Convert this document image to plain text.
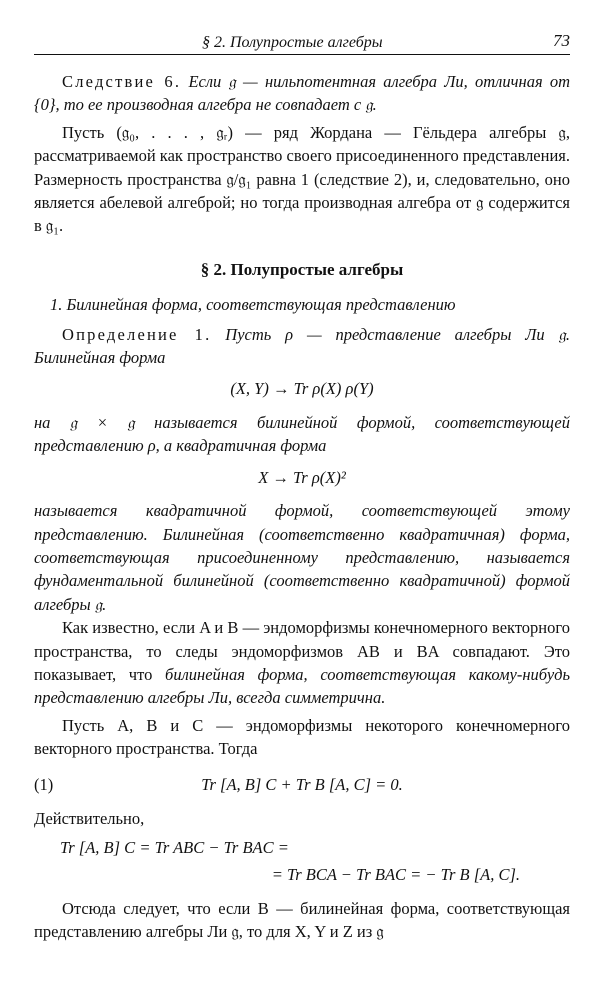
§ 2. Полупростые алгебры	73

Следствие 6. Если 𝔤 — нильпотентная алгебра Ли, отличная от {0}, то ее производная алгебра не совпадает с 𝔤.

Пусть (𝔤₀, . . . , 𝔤ᵣ) — ряд Жордана — Гёльдера алгебры 𝔤, рассматриваемой как пространство своего присоединенного представления. Размерность пространства 𝔤/𝔤₁ равна 1 (следствие 2), и, следовательно, оно является абелевой алгеброй; но тогда производная алгебра от 𝔤 содержится в 𝔤₁.

§ 2. Полупростые алгебры
1. Билинейная форма, соответствующая представлению

Определение 1. Пусть ρ — представление алгебры Ли 𝔤. Билинейная форма

(X, Y) → Tr ρ(X) ρ(Y)

на 𝔤 × 𝔤 называется билинейной формой, соответствующей представлению ρ, а квадратичная форма

X → Tr ρ(X)²

называется квадратичной формой, соответствующей этому представлению. Билинейная (соответственно квадратичная) форма, соответствующая присоединенному представлению, называется фундаментальной билинейной (соответственно квадратичной) формой алгебры 𝔤.

Как известно, если A и B — эндоморфизмы конечномерного векторного пространства, то следы эндоморфизмов AB и BA совпадают. Это показывает, что билинейная форма, соответствующая какому-нибудь представлению алгебры Ли, всегда симметрична.

Пусть A, B и C — эндоморфизмы некоторого конечномерного векторного пространства. Тогда

(1)	Tr [A, B] C + Tr B [A, C] = 0.

Действительно,

Tr [A, B] C = Tr ABC − Tr BAC =
= Tr BCA − Tr BAC = − Tr B [A, C].

Отсюда следует, что если B — билинейная форма, соответствующая представлению алгебры Ли 𝔤, то для X, Y и Z из 𝔤
